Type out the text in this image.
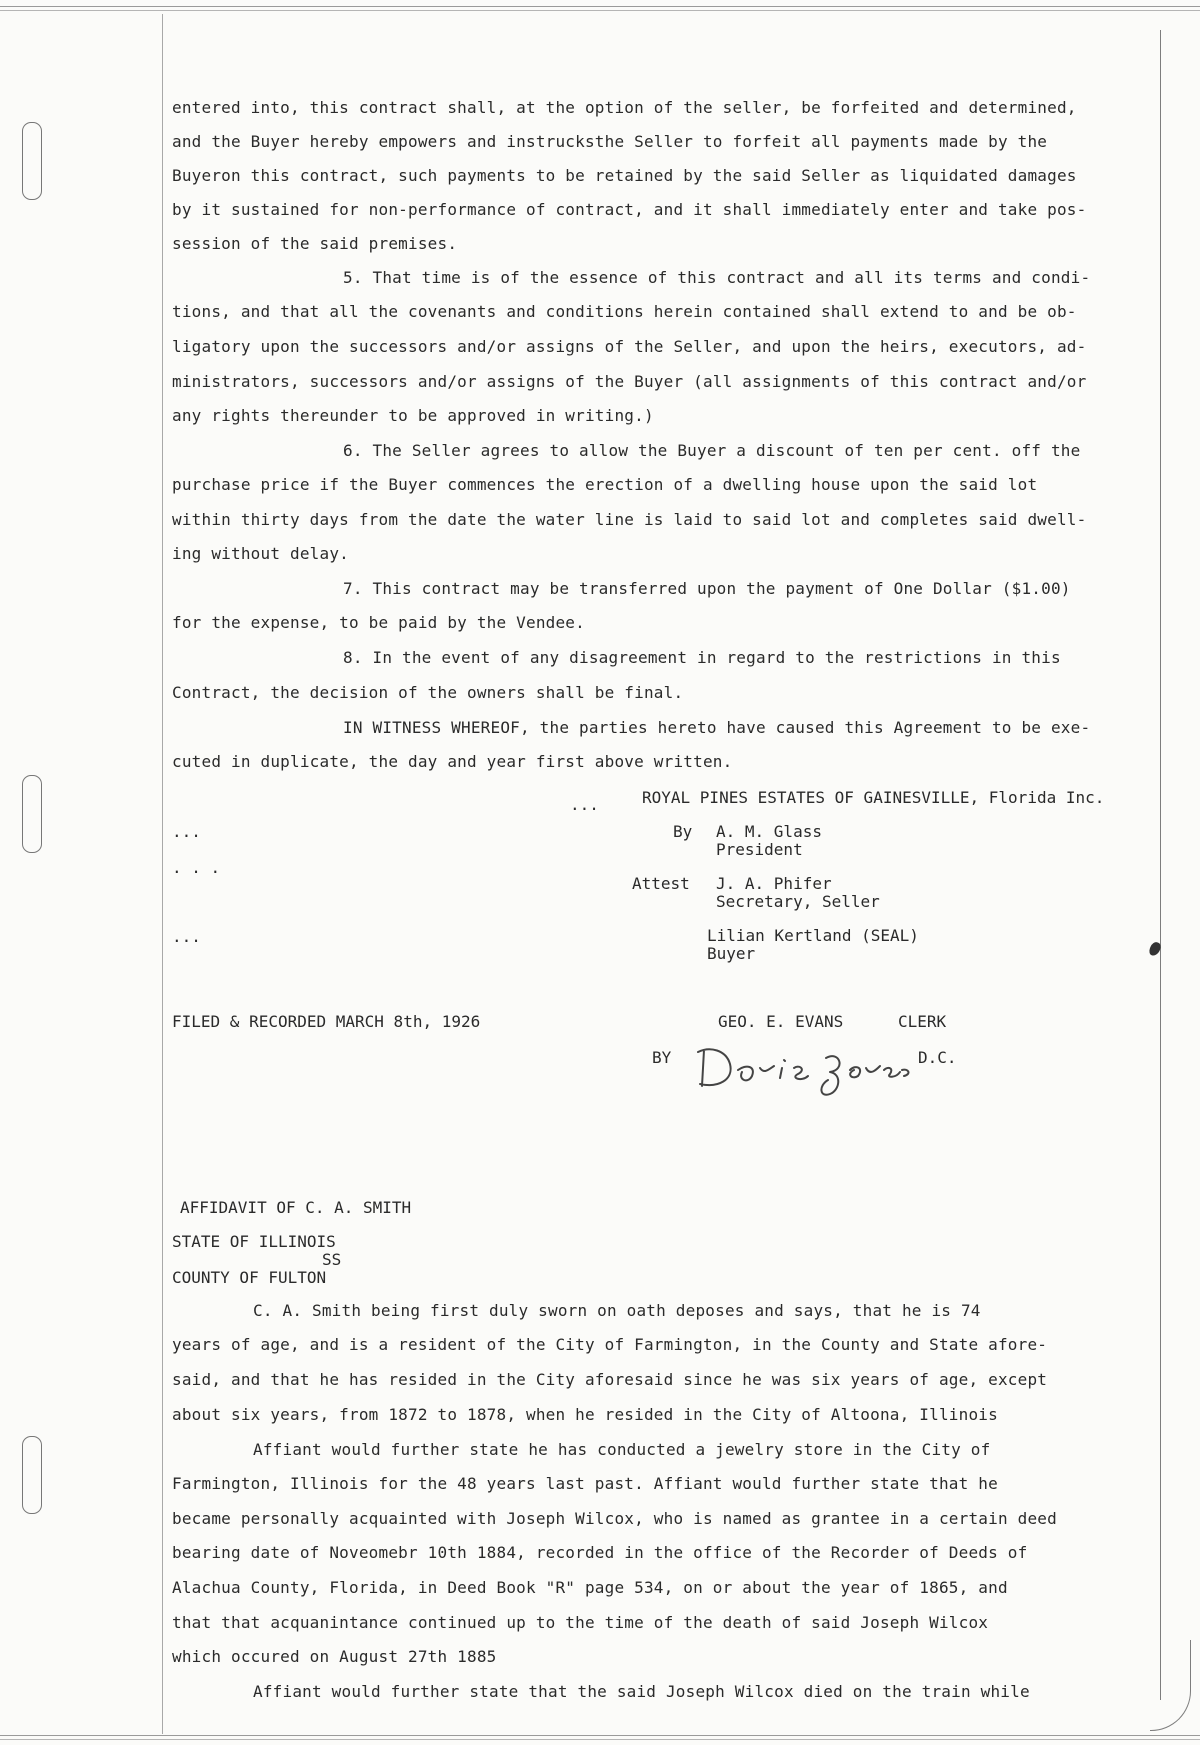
entered into, this contract shall, at the option of the seller, be forfeited and determined,
and the Buyer hereby empowers and instrucksthe Seller to forfeit all payments made by the
Buyeron this contract, such payments to be retained by the said Seller as liquidated damages
by it sustained for non-performance of contract, and it shall immediately enter and take pos-
session of the said premises.
5. That time is of the essence of this contract and all its terms and condi-
tions, and that all the covenants and conditions herein contained shall extend to and be ob-
ligatory upon the successors and/or assigns of the Seller, and upon the heirs, executors, ad-
ministrators, successors and/or assigns of the Buyer (all assignments of this contract and/or
any rights thereunder to be approved in writing.)
6. The Seller agrees to allow the Buyer a discount of ten per cent. off the
purchase price if the Buyer commences the erection of a dwelling house upon the said lot
within thirty days from the date the water line is laid to said lot and completes said dwell-
ing without delay.
7. This contract may be transferred upon the payment of One Dollar ($1.00)
for the expense, to be paid by the Vendee.
8. In the event of any disagreement in regard to the restrictions in this
Contract, the decision of the owners shall be final.
IN WITNESS WHEREOF, the parties hereto have caused this Agreement to be exe-
cuted in duplicate, the day and year first above written.
...	ROYAL PINES ESTATES OF GAINESVILLE, Florida Inc.
...	By A. M. Glass
President
. . .
Attest J. A. Phifer
Secretary, Seller
...	Lilian Kertland (SEAL)
Buyer
FILED & RECORDED MARCH 8th, 1926	GEO. E. EVANS	CLERK
BY	D.C.
AFFIDAVIT OF C. A. SMITH
STATE OF ILLINOIS
SS
COUNTY OF FULTON
C. A. Smith being first duly sworn on oath deposes and says, that he is 74
years of age, and is a resident of the City of Farmington, in the County and State afore-
said, and that he has resided in the City aforesaid since he was six years of age, except
about six years, from 1872 to 1878, when he resided in the City of Altoona, Illinois
Affiant would further state he has conducted a jewelry store in the City of
Farmington, Illinois for the 48 years last past. Affiant would further state that he
became personally acquainted with Joseph Wilcox, who is named as grantee in a certain deed
bearing date of Noveomebr 10th 1884, recorded in the office of the Recorder of Deeds of
Alachua County, Florida, in Deed Book "R" page 534, on or about the year of 1865, and
that that acquanintance continued up to the time of the death of said Joseph Wilcox
which occured on August 27th 1885
Affiant would further state that the said Joseph Wilcox died on the train while
